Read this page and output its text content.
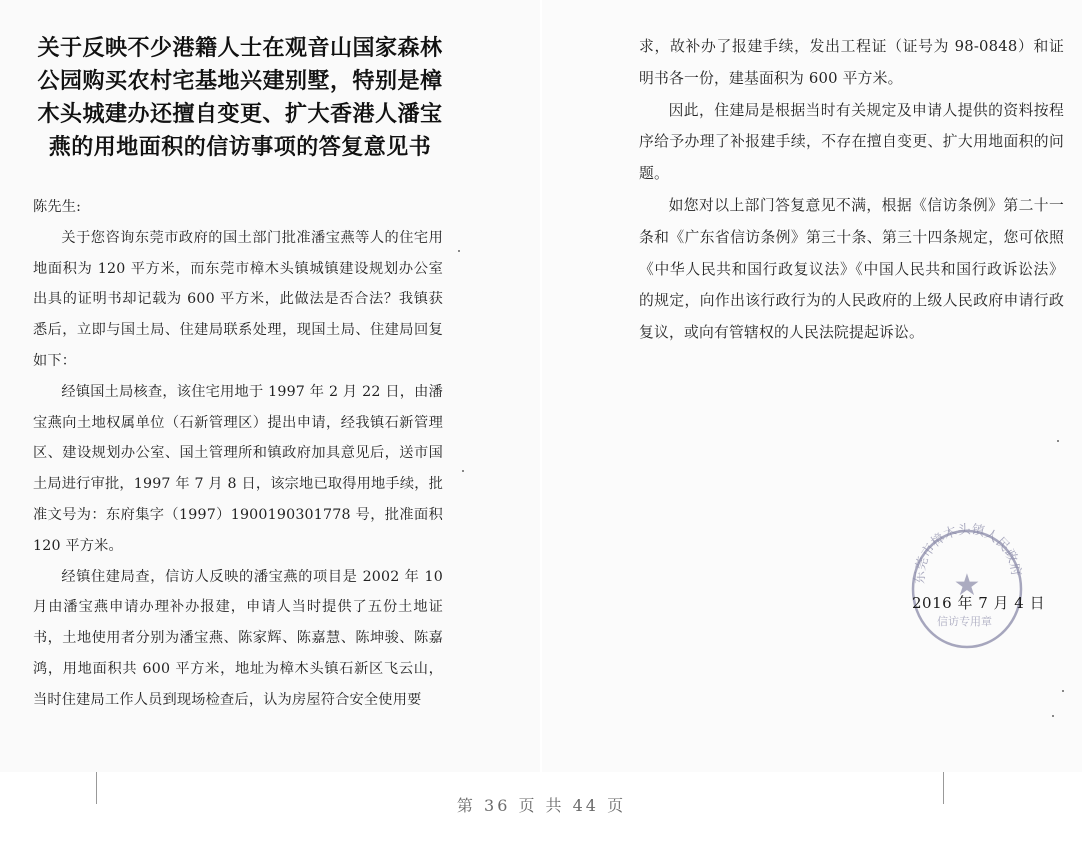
关于反映不少港籍人士在观音山国家森林公园购买农村宅基地兴建别墅，特别是樟木头城建办还擅自变更、扩大香港人潘宝燕的用地面积的信访事项的答复意见书

陈先生:

关于您咨询东莞市政府的国土部门批准潘宝燕等人的住宅用地面积为 120 平方米，而东莞市樟木头镇城镇建设规划办公室出具的证明书却记载为 600 平方米，此做法是否合法？我镇获悉后，立即与国土局、住建局联系处理，现国土局、住建局回复如下：

经镇国土局核查，该住宅用地于 1997 年 2 月 22 日，由潘宝燕向土地权属单位（石新管理区）提出申请，经我镇石新管理区、建设规划办公室、国土管理所和镇政府加具意见后，送市国土局进行审批，1997 年 7 月 8 日，该宗地已取得用地手续，批准文号为：东府集字（1997）1900190301778 号，批准面积 120 平方米。

经镇住建局查，信访人反映的潘宝燕的项目是 2002 年 10 月由潘宝燕申请办理补办报建，申请人当时提供了五份土地证书，土地使用者分别为潘宝燕、陈家辉、陈嘉慧、陈坤骏、陈嘉鸿，用地面积共 600 平方米，地址为樟木头镇石新区飞云山，当时住建局工作人员到现场检查后，认为房屋符合安全使用要

求，故补办了报建手续，发出工程证（证号为 98-0848）和证明书各一份，建基面积为 600 平方米。

因此，住建局是根据当时有关规定及申请人提供的资料按程序给予办理了补报建手续，不存在擅自变更、扩大用地面积的问题。

如您对以上部门答复意见不满，根据《信访条例》第二十一条和《广东省信访条例》第三十条、第三十四条规定，您可依照《中华人民共和国行政复议法》《中国人民共和国行政诉讼法》的规定，向作出该行政行为的人民政府的上级人民政府申请行政复议，或向有管辖权的人民法院提起诉讼。

东莞市樟木头镇人民政府
★
信访专用章
2016 年 7 月 4 日
第 36 页 共 44 页
